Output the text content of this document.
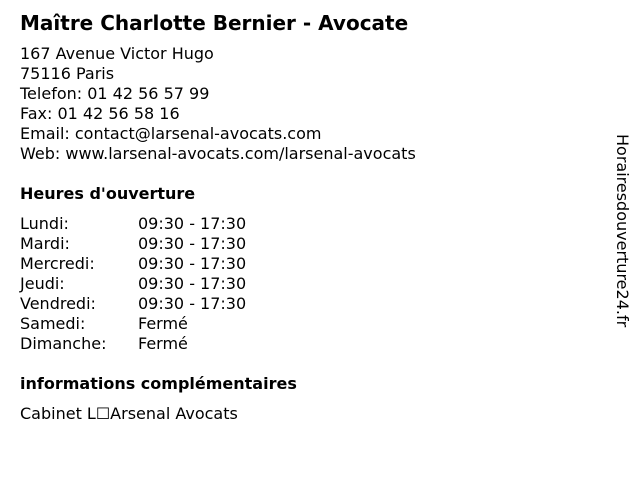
Maître Charlotte Bernier - Avocate
167 Avenue Victor Hugo
75116 Paris
Telefon: 01 42 56 57 99
Fax: 01 42 56 58 16
Email: contact@larsenal-avocats.com
Web: www.larsenal-avocats.com/larsenal-avocats
Heures d'ouverture
Lundi:	09:30 - 17:30
Mardi:	09:30 - 17:30
Mercredi:	09:30 - 17:30
Jeudi:	09:30 - 17:30
Vendredi:	09:30 - 17:30
Samedi:	Fermé
Dimanche: Fermé
informations complémentaires
Cabinet L☐Arsenal Avocats
Horairesdouverture24.fr
